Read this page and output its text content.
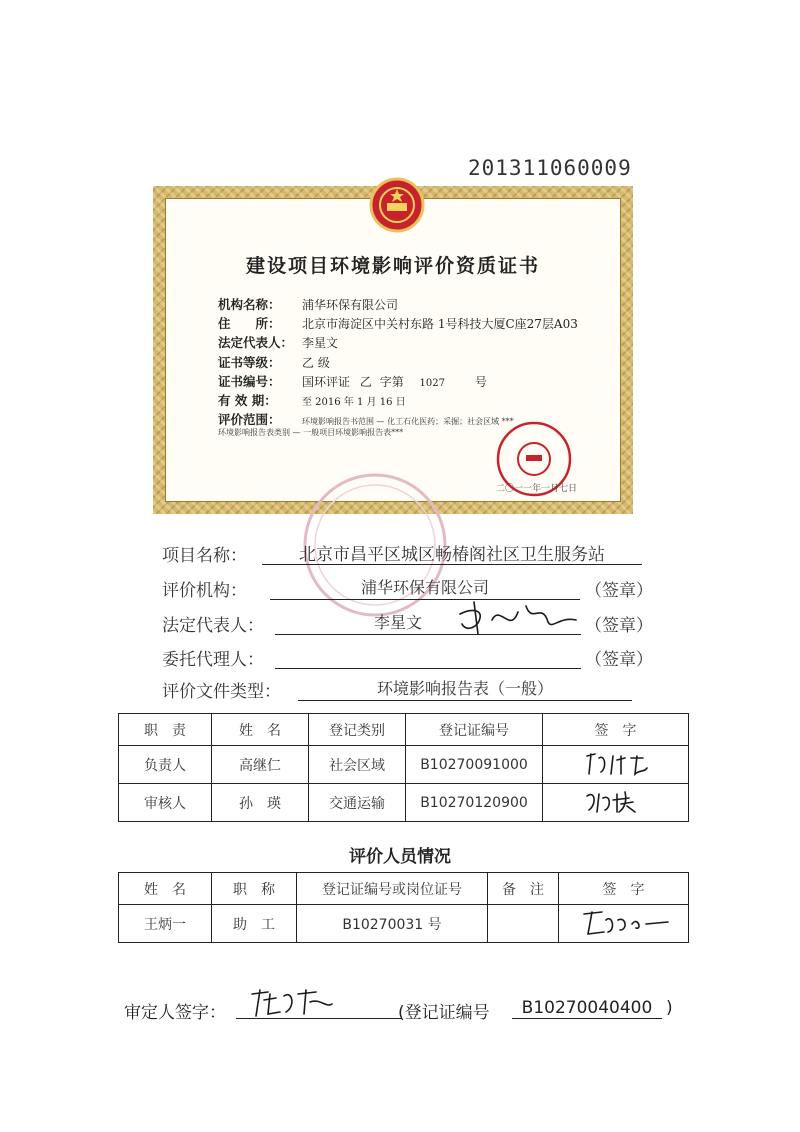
201311060009
建设项目环境影响评价资质证书
机构名称： 浦华环保有限公司
住　　所： 北京市海淀区中关村东路 1号科技大厦C座27层A03
法定代表人： 李星文
证书等级： 乙 级
证书编号： 国环评证 乙 字第 1027 号
有 效 期：	至 2016 年 1 月 16 日
评价范围：	环境影响报告书范围 — 化工石化医药；采掘；社会区域 ***
环境影响报告表类别 — 一般项目环境影响报告表***
二〇一一年一月七日
项目名称：	北京市昌平区城区畅椿阁社区卫生服务站
评价机构：	浦华环保有限公司	（签章）
法定代表人：	李星文	（签章）
委托代理人：	（签章）
评价文件类型：	环境影响报告表（一般）
职　责	姓　名	登记类别	登记证编号	签　字
负责人	高继仁	社会区域	B10270091000	
审核人	孙　瑛	交通运输	B10270120900	
评价人员情况
姓　名	职　称	登记证编号或岗位证号	备　注	签　字
王炳一	助　工	B10270031 号		
审定人签字：	(登记证编号	B10270040400 )
